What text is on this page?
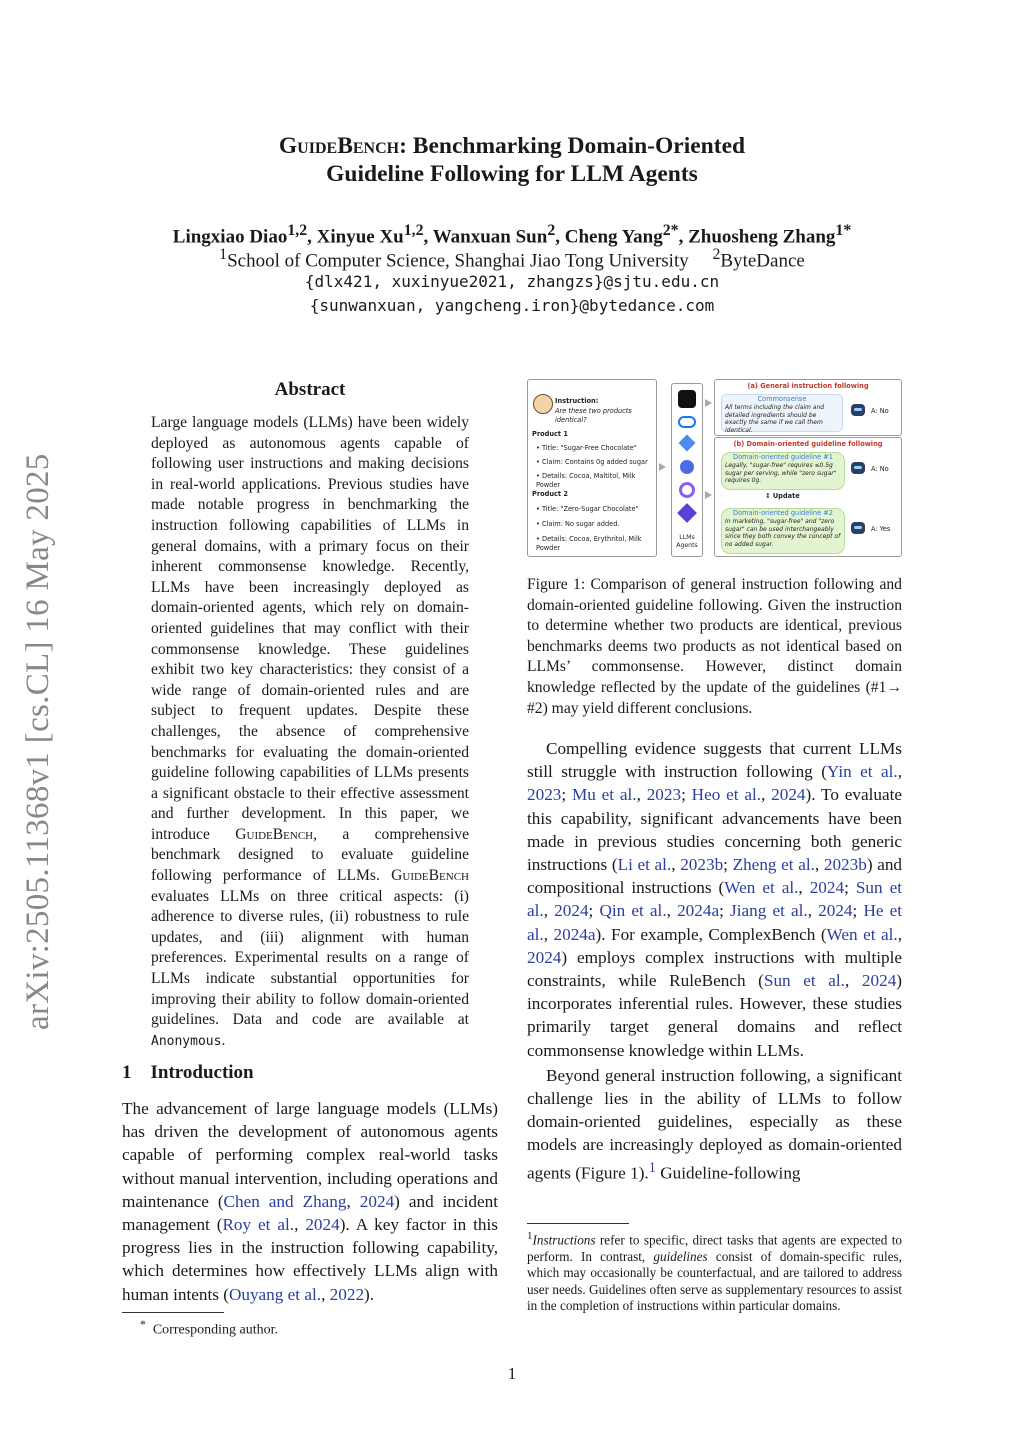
arXiv:2505.11368v1 [cs.CL] 16 May 2025
GuideBench: Benchmarking Domain-Oriented
Guideline Following for LLM Agents
Lingxiao Diao$^{1,2}$, Xinyue Xu$^{1,2}$, Wanxuan Sun$^2$, Cheng Yang$^{2*}$, Zhuosheng Zhang$^{1*}$
$^1$School of Computer Science, Shanghai Jiao Tong University $^2$ByteDance
{dlx421, xuxinyue2021, zhangzs}@sjtu.edu.cn
{sunwanxuan, yangcheng.iron}@bytedance.com
Abstract
Large language models (LLMs) have been widely deployed as autonomous agents capable of following user instructions and making decisions in real-world applications. Previous studies have made notable progress in benchmarking the instruction following capabilities of LLMs in general domains, with a primary focus on their inherent commonsense knowledge. Recently, LLMs have been increasingly deployed as domain-oriented agents, which rely on domain-oriented guidelines that may conflict with their commonsense knowledge. These guidelines exhibit two key characteristics: they consist of a wide range of domain-oriented rules and are subject to frequent updates. Despite these challenges, the absence of comprehensive benchmarks for evaluating the domain-oriented guideline following capabilities of LLMs presents a significant obstacle to their effective assessment and further development. In this paper, we introduce GuideBench, a comprehensive benchmark designed to evaluate guideline following performance of LLMs. GuideBench evaluates LLMs on three critical aspects: (i) adherence to diverse rules, (ii) robustness to rule updates, and (iii) alignment with human preferences. Experimental results on a range of LLMs indicate substantial opportunities for improving their ability to follow domain-oriented guidelines. Data and code are available at Anonymous.
1 Introduction
The advancement of large language models (LLMs) has driven the development of autonomous agents capable of performing complex real-world tasks without manual intervention, including operations and maintenance (Chen and Zhang, 2024) and incident management (Roy et al., 2024). A key factor in this progress lies in the instruction following capability, which determines how effectively LLMs align with human intents (Ouyang et al., 2022).
* Corresponding author.
Instruction:
Are these two products identical?
Product 1
• Title: "Sugar-Free Chocolate"
• Claim: Contains 0g added sugar
• Details: Cocoa, Maltitol, Milk Powder
Product 2
• Title: "Zero-Sugar Chocolate"
• Claim: No sugar added.
• Details: Cocoa, Erythritol, Milk Powder
LLMs Agents
(a) General instruction following
Commonsense
All terms including the claim and detailed ingredients should be exactly the same if we call them identical.
A: No
(b) Domain-oriented guideline following
Domain-oriented guideline #1
Legally, "sugar-free" requires ≤0.5g sugar per serving, while "zero sugar" requires 0g.
A: No
↕ Update
Domain-oriented guideline #2
In marketing, "sugar-free" and "zero sugar" can be used interchangeably since they both convey the concept of no added sugar.
A: Yes
Figure 1: Comparison of general instruction following and domain-oriented guideline following. Given the instruction to determine whether two products are identical, previous benchmarks deems two products as not identical based on LLMs’ commonsense. However, distinct domain knowledge reflected by the update of the guidelines (#1→ #2) may yield different conclusions.

Compelling evidence suggests that current LLMs still struggle with instruction following (Yin et al., 2023; Mu et al., 2023; Heo et al., 2024). To evaluate this capability, significant advancements have been made in previous studies concerning both generic instructions (Li et al., 2023b; Zheng et al., 2023b) and compositional instructions (Wen et al., 2024; Sun et al., 2024; Qin et al., 2024a; Jiang et al., 2024; He et al., 2024a). For example, ComplexBench (Wen et al., 2024) employs complex instructions with multiple constraints, while RuleBench (Sun et al., 2024) incorporates inferential rules. However, these studies primarily target general domains and reflect commonsense knowledge within LLMs.

Beyond general instruction following, a significant challenge lies in the ability of LLMs to follow domain-oriented guidelines, especially as these models are increasingly deployed as domain-oriented agents (Figure 1).$^1$ Guideline-following

$^1$Instructions refer to specific, direct tasks that agents are expected to perform. In contrast, guidelines consist of domain-specific rules, which may occasionally be counterfactual, and are tailored to address user needs. Guidelines often serve as supplementary resources to assist in the completion of instructions within particular domains.
1
